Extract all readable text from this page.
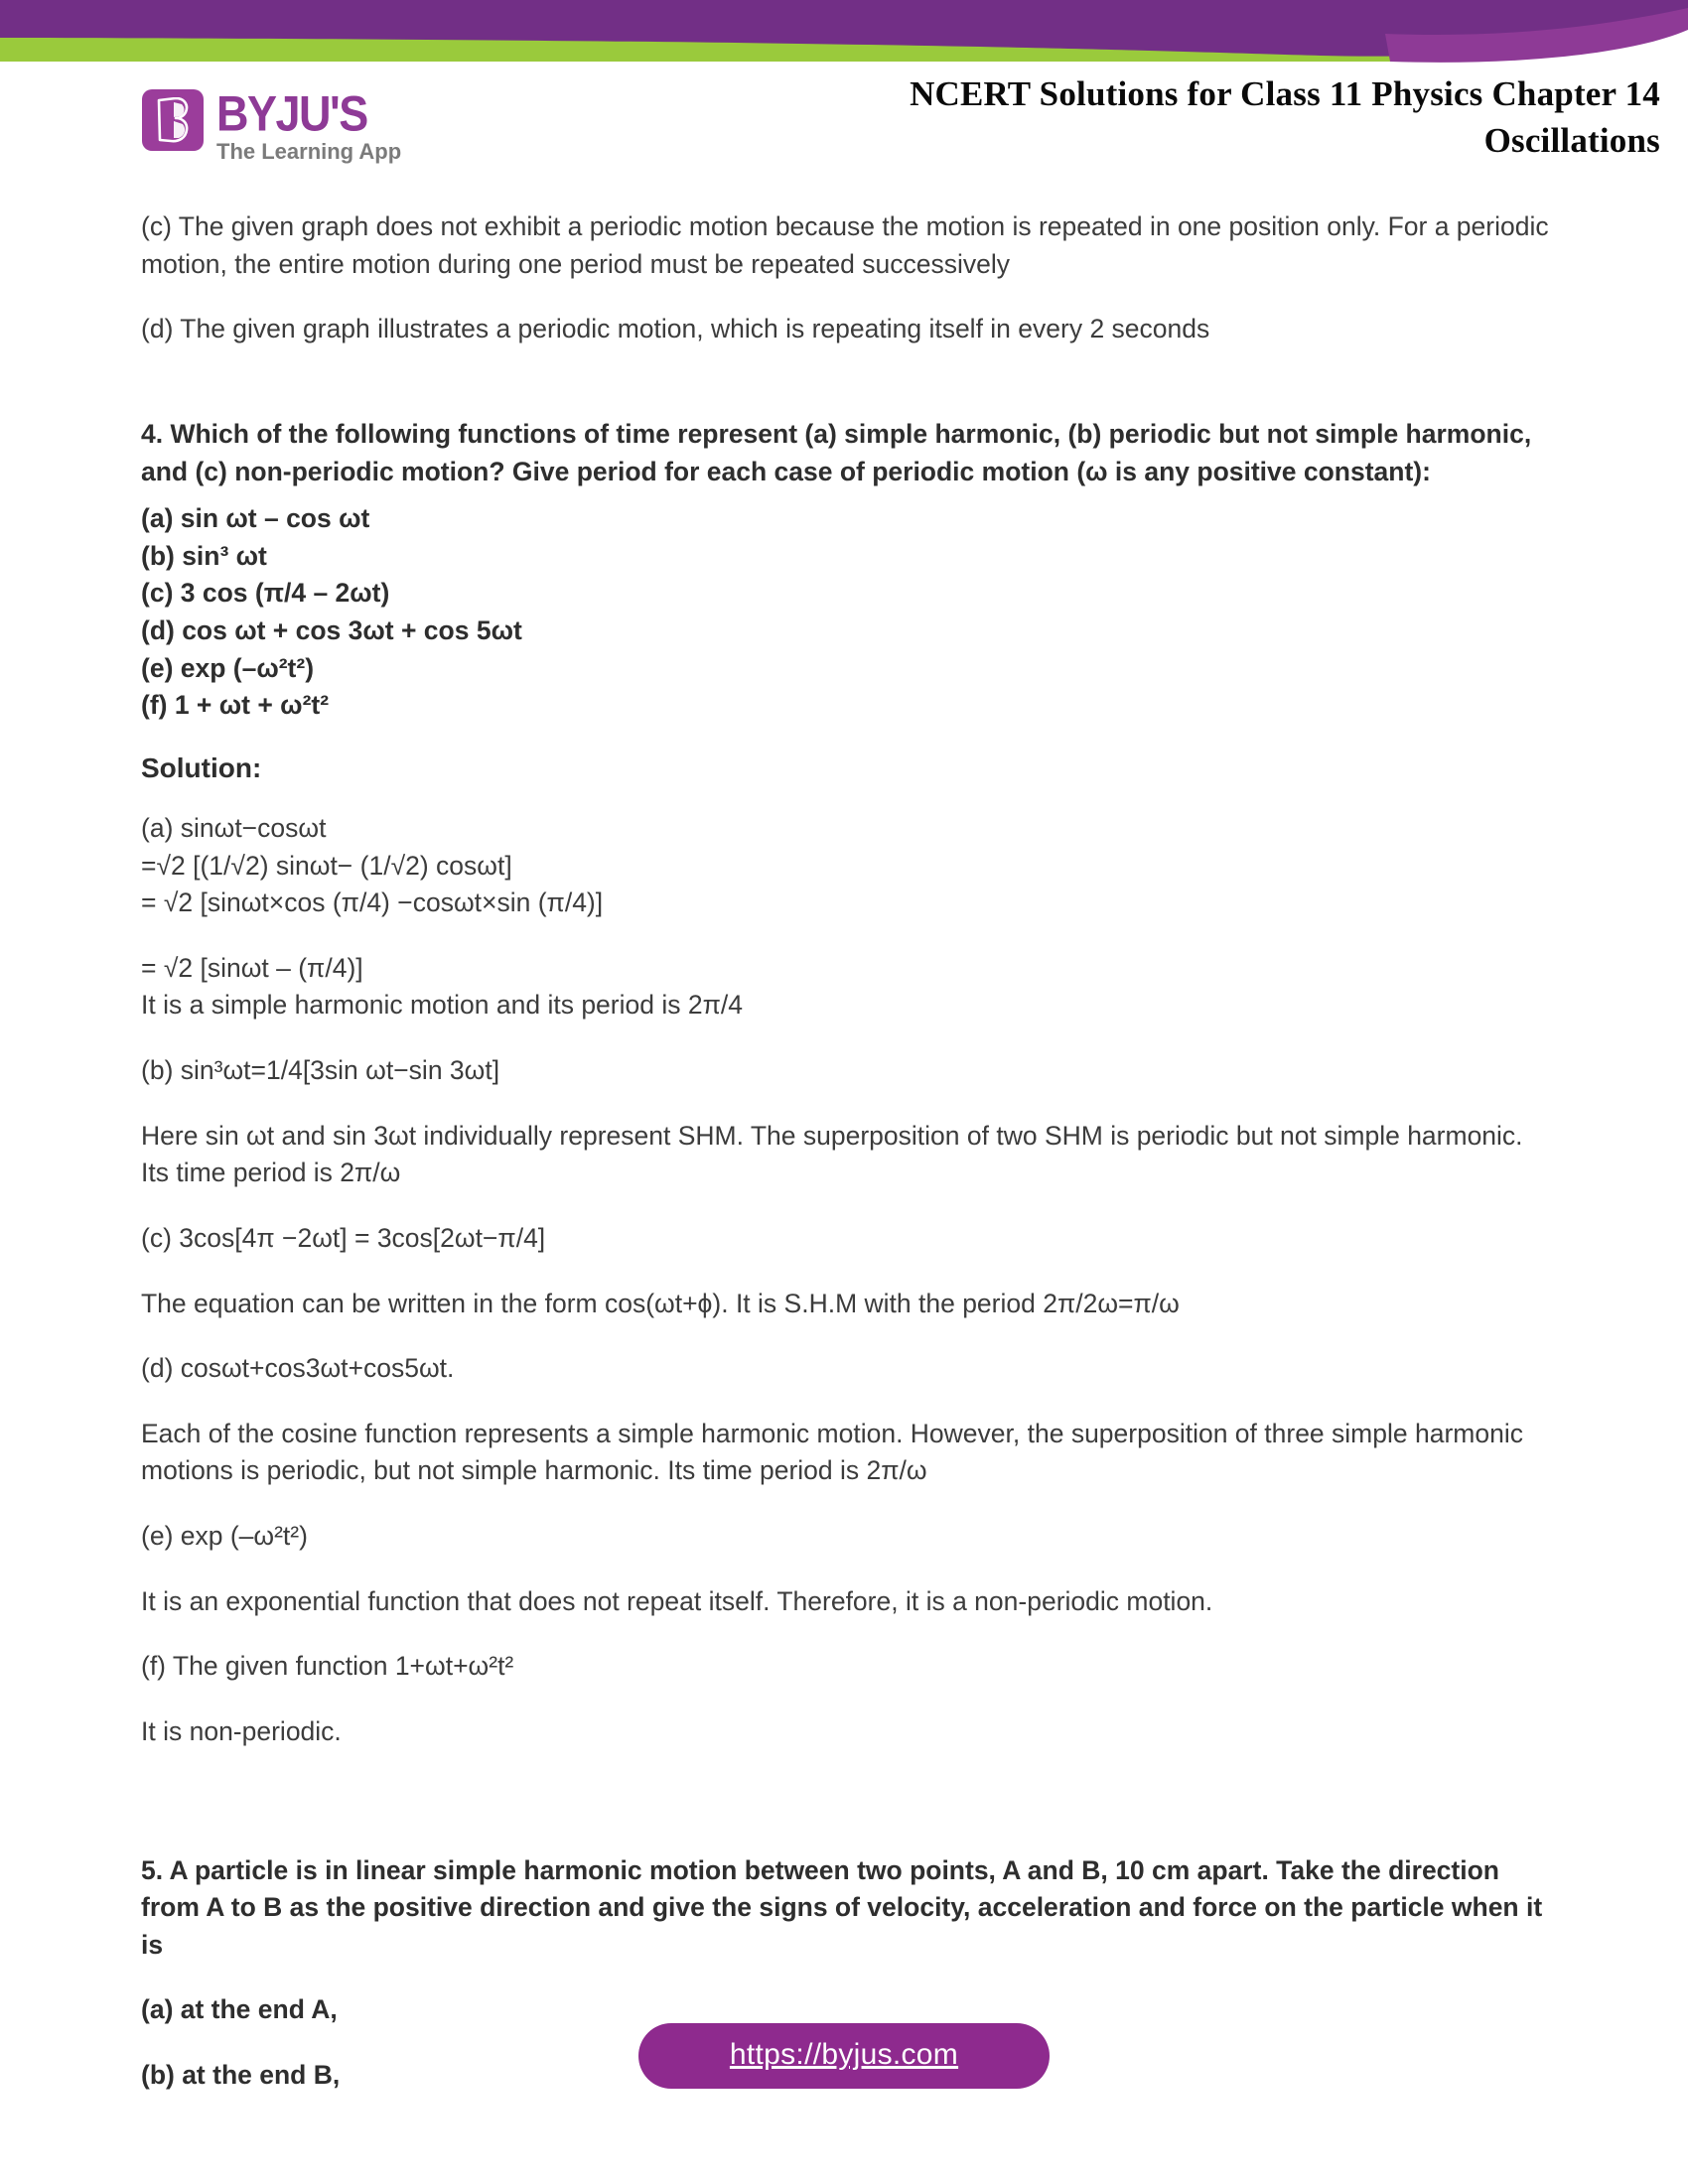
BYJU'S
The Learning App
NCERT Solutions for Class 11 Physics Chapter 14
Oscillations

(c) The given graph does not exhibit a periodic motion because the motion is repeated in one position only. For a periodic motion, the entire motion during one period must be repeated successively

(d) The given graph illustrates a periodic motion, which is repeating itself in every 2 seconds

4. Which of the following functions of time represent (a) simple harmonic, (b) periodic but not simple harmonic, and (c) non-periodic motion? Give period for each case of periodic motion (ω is any positive constant):

(a) sin ωt – cos ωt

(b) sin³ ωt

(c) 3 cos (π/4 – 2ωt)

(d) cos ωt + cos 3ωt + cos 5ωt

(e) exp (–ω²t²)

(f) 1 + ωt + ω²t²

Solution:

(a) sinωt−cosωt

=√2 [(1/√2) sinωt− (1/√2) cosωt]

= √2 [sinωt×cos (π/4) −cosωt×sin (π/4)]

= √2 [sinωt – (π/4)]

It is a simple harmonic motion and its period is 2π/4

(b) sin³ωt=1/4[3sin ωt−sin 3ωt]

Here sin ωt and sin 3ωt individually represent SHM. The superposition of two SHM is periodic but not simple harmonic.

Its time period is 2π/ω

(c) 3cos[4π −2ωt] = 3cos[2ωt−π/4]

The equation can be written in the form cos(ωt+ϕ). It is S.H.M with the period 2π/2ω=π/ω

(d) cosωt+cos3ωt+cos5ωt.

Each of the cosine function represents a simple harmonic motion. However, the superposition of three simple harmonic motions is periodic, but not simple harmonic. Its time period is 2π/ω

(e) exp (–ω²t²)

It is an exponential function that does not repeat itself. Therefore, it is a non-periodic motion.

(f) The given function 1+ωt+ω²t²

It is non-periodic.

5. A particle is in linear simple harmonic motion between two points, A and B, 10 cm apart. Take the direction from A to B as the positive direction and give the signs of velocity, acceleration and force on the particle when it is

(a) at the end A,

(b) at the end B,

https://byjus.com
